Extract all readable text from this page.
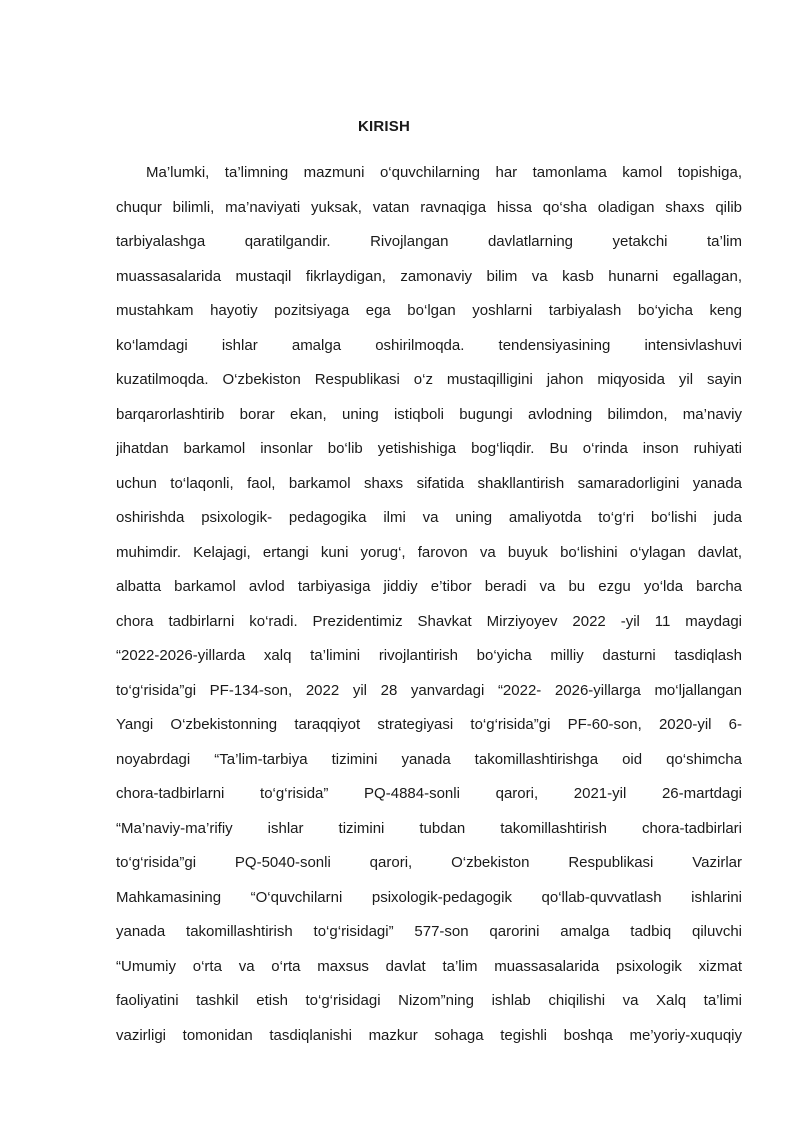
KIRISH
Ma’lumki, ta’limning mazmuni o‘quvchilarning har tamonlama kamol topishiga,
chuqur bilimli, ma’naviyati yuksak, vatan ravnaqiga hissa qo‘sha oladigan shaxs qilib
tarbiyalashga qaratilgandir. Rivojlangan davlatlarning yetakchi ta’lim
muassasalarida mustaqil fikrlaydigan, zamonaviy bilim va kasb hunarni egallagan,
mustahkam hayotiy pozitsiyaga ega bo‘lgan yoshlarni tarbiyalash bo‘yicha keng
ko‘lamdagi ishlar amalga oshirilmoqda. tendensiyasining intensivlashuvi
kuzatilmoqda. O‘zbekiston Respublikasi o‘z mustaqilligini jahon miqyosida yil sayin
barqarorlashtirib borar ekan, uning istiqboli bugungi avlodning bilimdon, ma’naviy
jihatdan barkamol insonlar bo‘lib yetishishiga bog‘liqdir. Bu o‘rinda inson ruhiyati
uchun to‘laqonli, faol, barkamol shaxs sifatida shakllantirish samaradorligini yanada
oshirishda psixologik- pedagogika ilmi va uning amaliyotda to‘g‘ri bo‘lishi juda
muhimdir. Kelajagi, ertangi kuni yorug‘, farovon va buyuk bo‘lishini o‘ylagan davlat,
albatta barkamol avlod tarbiyasiga jiddiy e’tibor beradi va bu ezgu yo‘lda barcha
chora tadbirlarni ko‘radi. Prezidentimiz Shavkat Mirziyoyev 2022 -yil 11 maydagi
“2022-2026-yillarda xalq ta’limini rivojlantirish bo‘yicha milliy dasturni tasdiqlash
to‘g‘risida”gi PF-134-son, 2022 yil 28 yanvardagi “2022- 2026-yillarga mo‘ljallangan
Yangi O‘zbekistonning taraqqiyot strategiyasi to‘g‘risida”gi PF-60-son, 2020-yil 6-
noyabrdagi “Ta’lim-tarbiya tizimini yanada takomillashtirishga oid qo‘shimcha
chora-tadbirlarni to‘g‘risida” PQ-4884-sonli qarori, 2021-yil 26-martdagi
“Ma’naviy-ma’rifiy ishlar tizimini tubdan takomillashtirish chora-tadbirlari
to‘g‘risida”gi PQ-5040-sonli qarori, O‘zbekiston Respublikasi Vazirlar
Mahkamasining “O‘quvchilarni psixologik-pedagogik qo‘llab-quvvatlash ishlarini
yanada takomillashtirish to‘g‘risidagi” 577-son qarorini amalga tadbiq qiluvchi
“Umumiy o‘rta va o‘rta maxsus davlat ta’lim muassasalarida psixologik xizmat
faoliyatini tashkil etish to‘g‘risidagi Nizom”ning ishlab chiqilishi va Xalq ta’limi
vazirligi tomonidan tasdiqlanishi mazkur sohaga tegishli boshqa me’yoriy-xuquqiy
